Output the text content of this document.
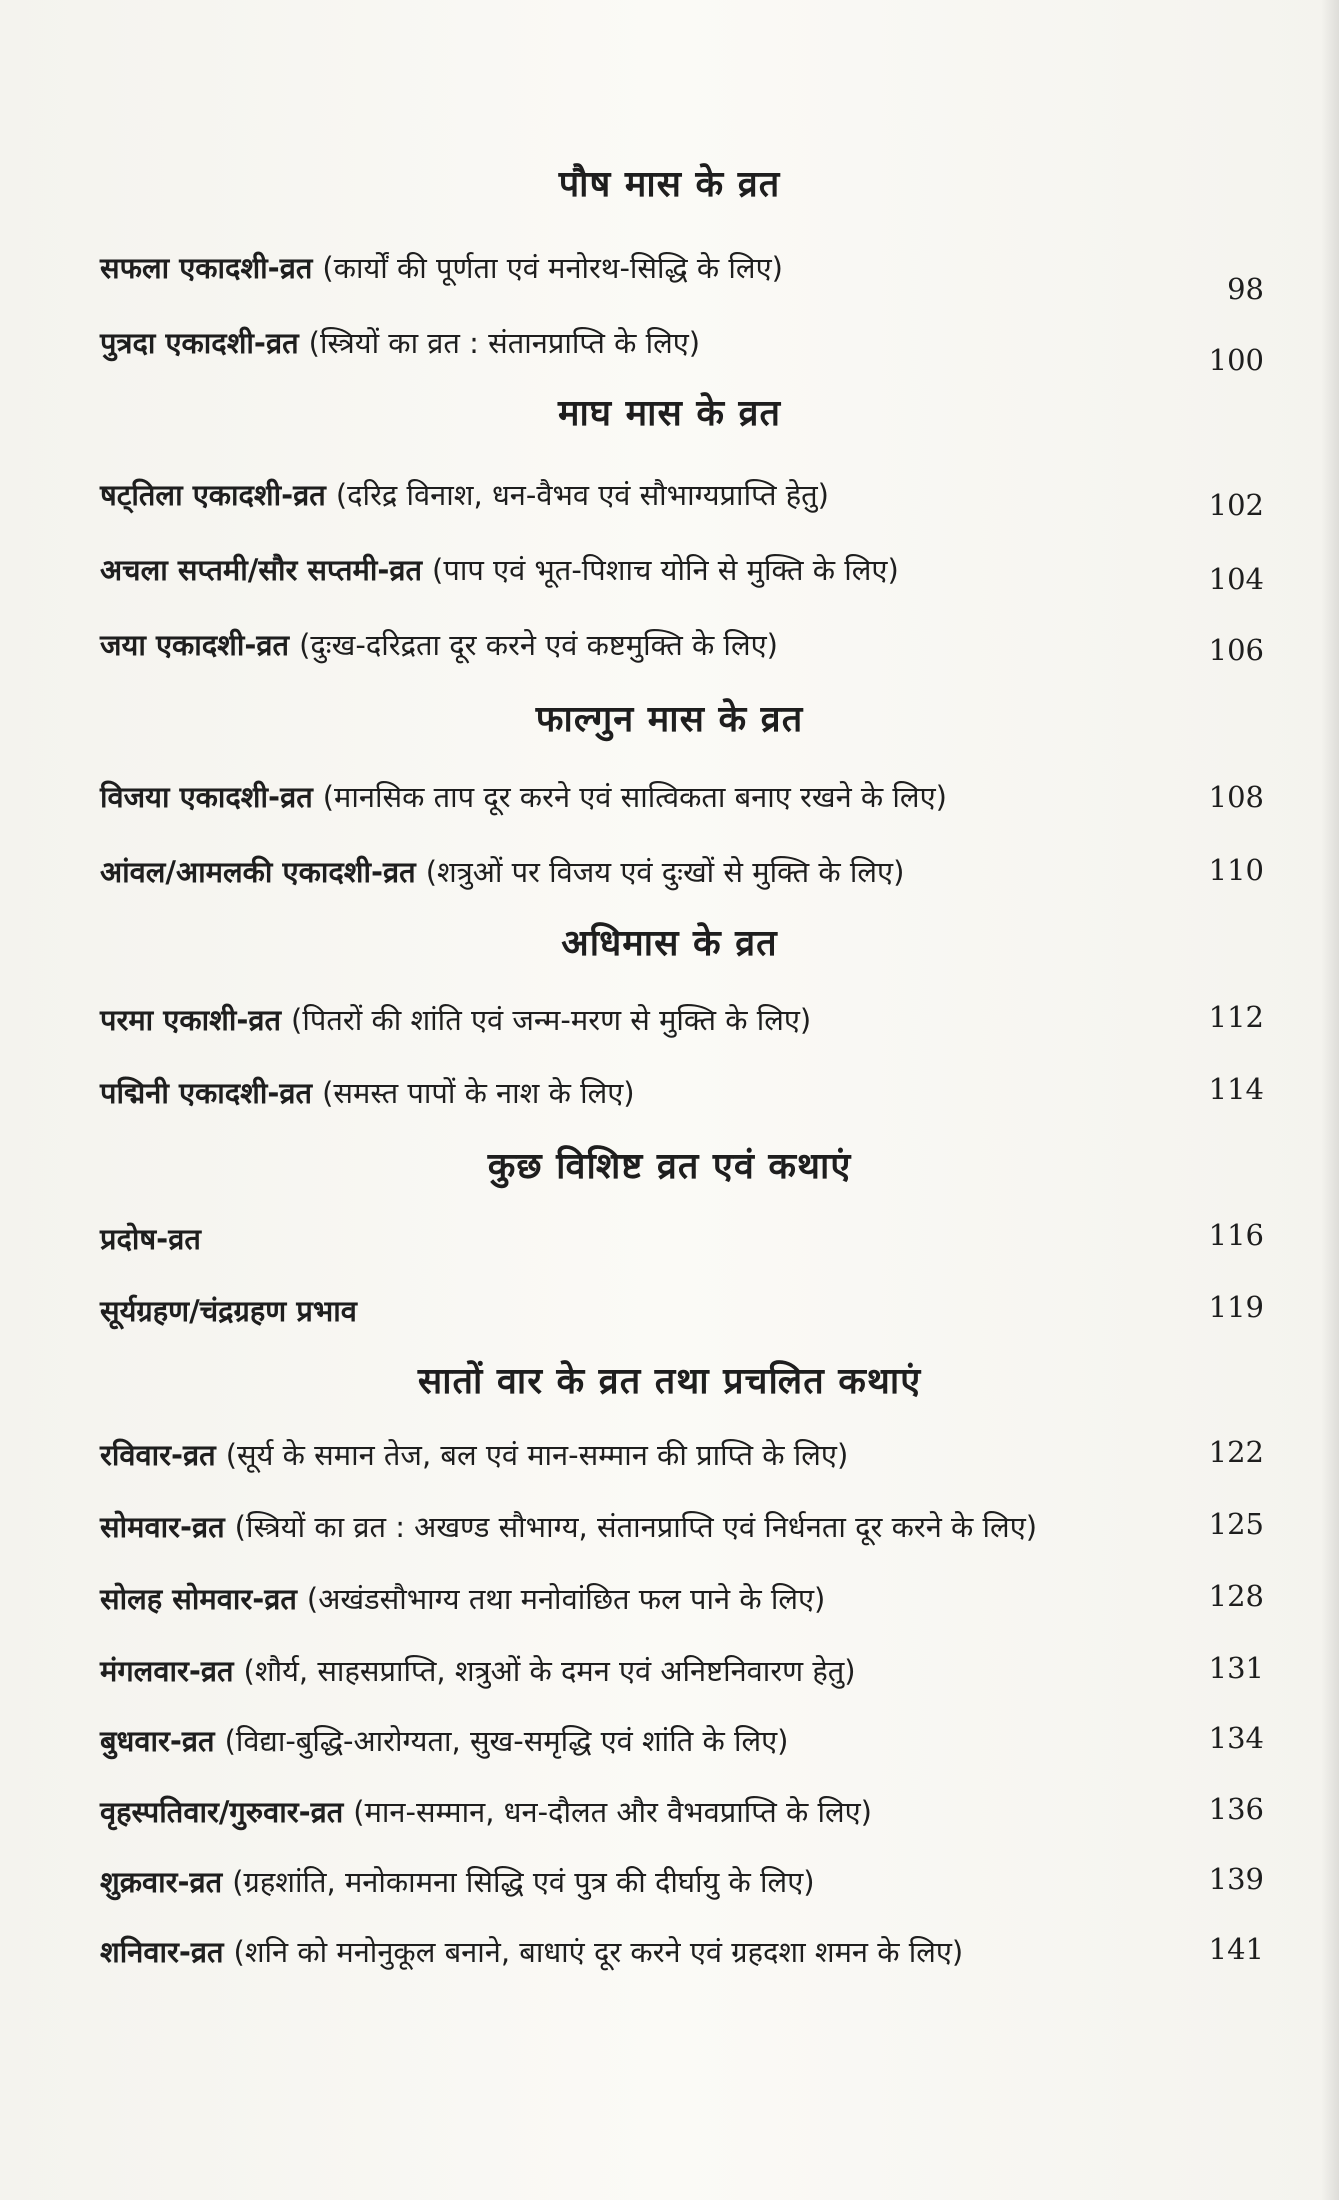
पौष मास के व्रत
माघ मास के व्रत
फाल्गुन मास के व्रत
अधिमास के व्रत
कुछ विशिष्ट व्रत एवं कथाएं
सातों वार के व्रत तथा प्रचलित कथाएं
सफला एकादशी-व्रत (कार्यों की पूर्णता एवं मनोरथ-सिद्धि के लिए)
98
पुत्रदा एकादशी-व्रत (स्त्रियों का व्रत : संतानप्राप्ति के लिए)	100
षट्तिला एकादशी-व्रत (दरिद्र विनाश, धन-वैभव एवं सौभाग्यप्राप्ति हेतु)	102
अचला सप्तमी/सौर सप्तमी-व्रत (पाप एवं भूत-पिशाच योनि से मुक्ति के लिए)	104
जया एकादशी-व्रत (दुःख-दरिद्रता दूर करने एवं कष्टमुक्ति के लिए)	106
विजया एकादशी-व्रत (मानसिक ताप दूर करने एवं सात्विकता बनाए रखने के लिए)	108
आंवल/आमलकी एकादशी-व्रत (शत्रुओं पर विजय एवं दुःखों से मुक्ति के लिए)	110
परमा एकाशी-व्रत (पितरों की शांति एवं जन्म-मरण से मुक्ति के लिए)	112
पद्मिनी एकादशी-व्रत (समस्त पापों के नाश के लिए)	114
प्रदोष-व्रत	116
सूर्यग्रहण/चंद्रग्रहण प्रभाव	119
रविवार-व्रत (सूर्य के समान तेज, बल एवं मान-सम्मान की प्राप्ति के लिए)	122
सोमवार-व्रत (स्त्रियों का व्रत : अखण्ड सौभाग्य, संतानप्राप्ति एवं निर्धनता दूर करने के लिए)	125
सोलह सोमवार-व्रत (अखंडसौभाग्य तथा मनोवांछित फल पाने के लिए)	128
मंगलवार-व्रत (शौर्य, साहसप्राप्ति, शत्रुओं के दमन एवं अनिष्टनिवारण हेतु)	131
बुधवार-व्रत (विद्या-बुद्धि-आरोग्यता, सुख-समृद्धि एवं शांति के लिए)	134
वृहस्पतिवार/गुरुवार-व्रत (मान-सम्मान, धन-दौलत और वैभवप्राप्ति के लिए)	136
शुक्रवार-व्रत (ग्रहशांति, मनोकामना सिद्धि एवं पुत्र की दीर्घायु के लिए)	139
शनिवार-व्रत (शनि को मनोनुकूल बनाने, बाधाएं दूर करने एवं ग्रहदशा शमन के लिए)	141
